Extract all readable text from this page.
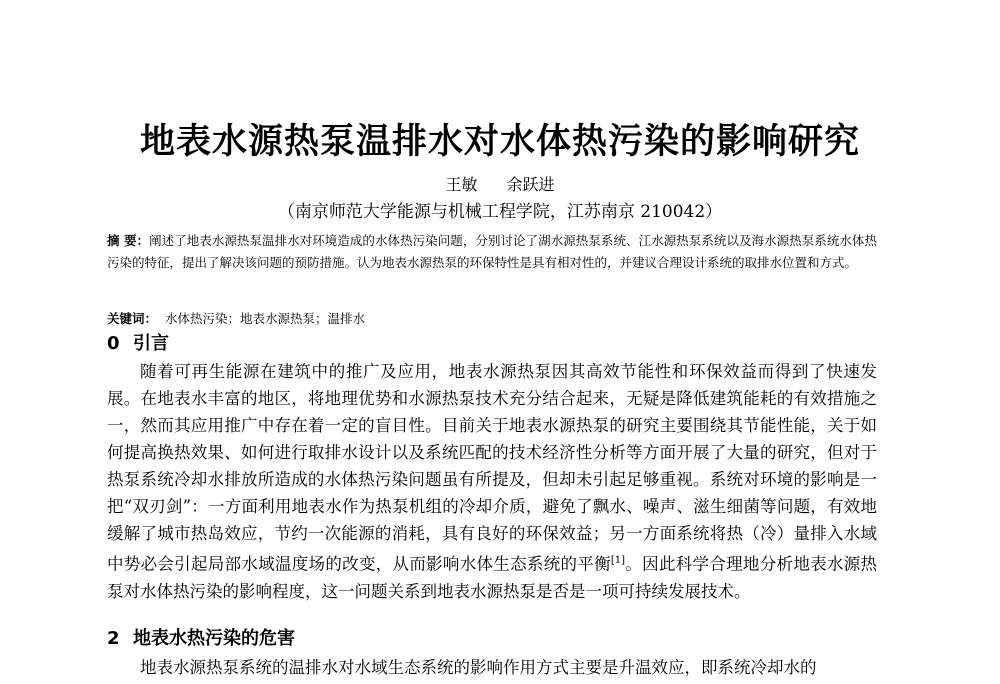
地表水源热泵温排水对水体热污染的影响研究
王敏 余跃进
（南京师范大学能源与机械工程学院，江苏南京 210042）
摘 要：阐述了地表水源热泵温排水对环境造成的水体热污染问题，分别讨论了湖水源热泵系统、江水源热泵系统以及海水源热泵系统水体热污染的特征，提出了解决该问题的预防措施。认为地表水源热泵的环保特性是具有相对性的，并建议合理设计系统的取排水位置和方式。
关键词： 水体热污染；地表水源热泵；温排水
0 引言
随着可再生能源在建筑中的推广及应用，地表水源热泵因其高效节能性和环保效益而得到了快速发展。在地表水丰富的地区，将地理优势和水源热泵技术充分结合起来，无疑是降低建筑能耗的有效措施之一，然而其应用推广中存在着一定的盲目性。目前关于地表水源热泵的研究主要围绕其节能性能，关于如何提高换热效果、如何进行取排水设计以及系统匹配的技术经济性分析等方面开展了大量的研究，但对于热泵系统冷却水排放所造成的水体热污染问题虽有所提及，但却未引起足够重视。系统对环境的影响是一把“双刃剑”：一方面利用地表水作为热泵机组的冷却介质，避免了飘水、噪声、滋生细菌等问题，有效地缓解了城市热岛效应，节约一次能源的消耗，具有良好的环保效益；另一方面系统将热（冷）量排入水域中势必会引起局部水域温度场的改变，从而影响水体生态系统的平衡[1]。因此科学合理地分析地表水源热泵对水体热污染的影响程度，这一问题关系到地表水源热泵是否是一项可持续发展技术。
2 地表水热污染的危害
地表水源热泵系统的温排水对水域生态系统的影响作用方式主要是升温效应，即系统冷却水的
